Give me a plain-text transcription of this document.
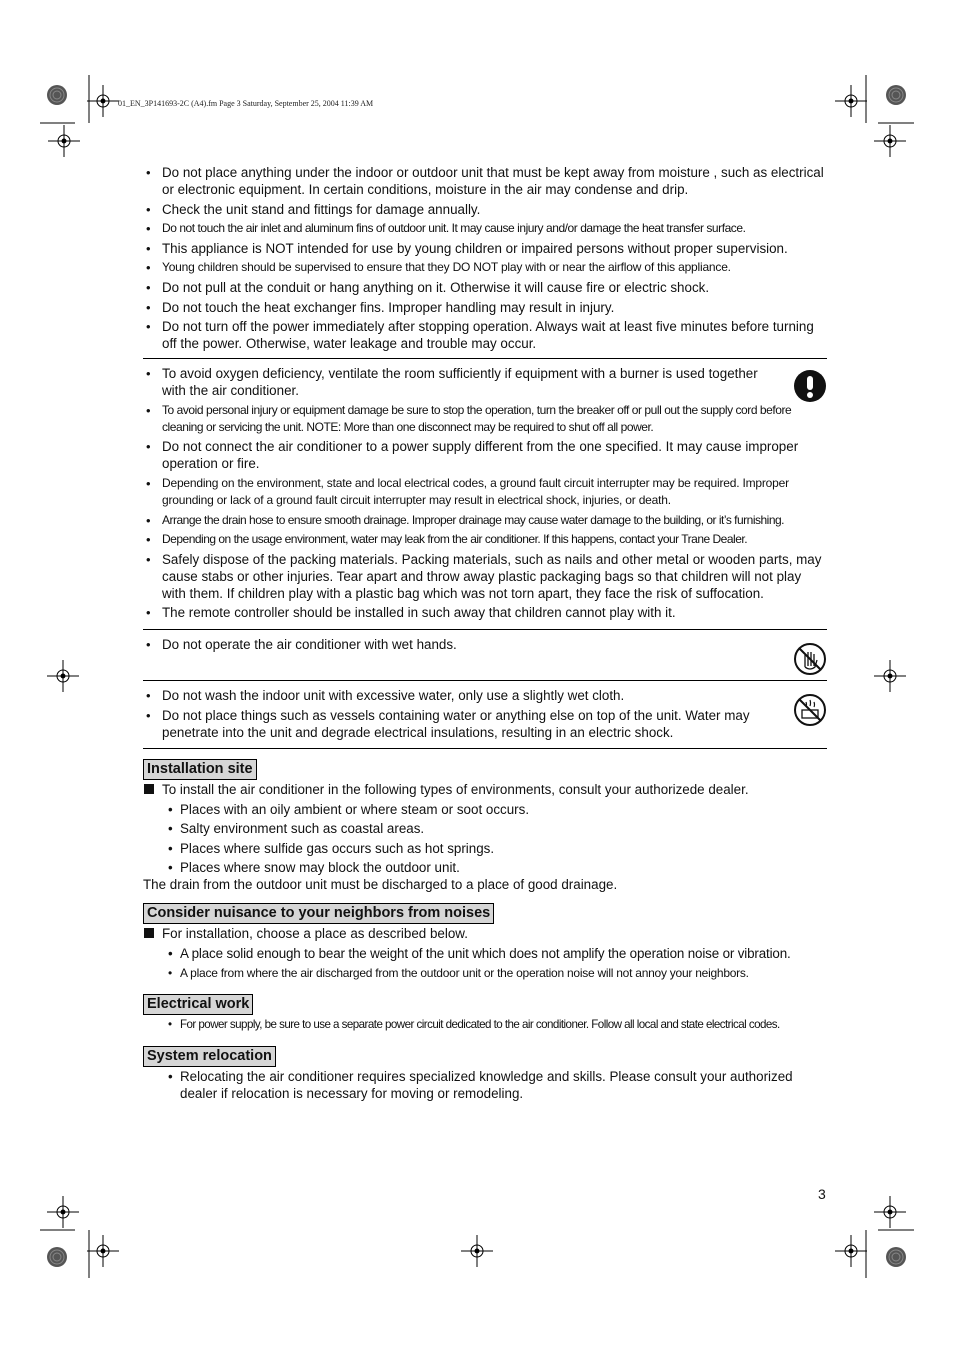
01_EN_3P141693-2C (A4).fm Page 3 Saturday, September 25, 2004 11:39 AM
• Do not place anything under the indoor or outdoor unit that must be kept away from moisture , such as electrical or electronic equipment. In certain conditions, moisture in the air may condense and drip.
• Check the unit stand and fittings for damage annually.
• Do not touch the air inlet and aluminum fins of outdoor unit. It may cause injury and/or damage the heat transfer surface.
• This appliance is NOT intended for use by young children or impaired persons without proper supervision.
• Young children should be supervised to ensure that they DO NOT play with or near the airflow of this appliance.
• Do not pull at the conduit or hang anything on it. Otherwise it will cause fire or electric shock.
• Do not touch the heat exchanger fins. Improper handling may result in injury.
• Do not turn off the power immediately after stopping operation. Always wait at least five minutes before turning off the power. Otherwise, water leakage and trouble may occur.
• To avoid oxygen deficiency, ventilate the room sufficiently if equipment with a burner is used together with the air conditioner.
• To avoid personal injury or equipment damage be sure to stop the operation, turn the breaker off or pull out the supply cord before cleaning or servicing the unit. NOTE: More than one disconnect may be required to shut off all power.
• Do not connect the air conditioner to a power supply different from the one specified. It may cause improper operation or fire.
• Depending on the environment, state and local electrical codes, a ground fault circuit interrupter may be required. Improper grounding or lack of a ground fault circuit interrupter may result in electrical shock, injuries, or death.
• Arrange the drain hose to ensure smooth drainage. Improper drainage may cause water damage to the building, or it’s furnishing.
• Depending on the usage environment, water may leak from the air conditioner. If this happens, contact your Trane Dealer.
• Safely dispose of the packing materials. Packing materials, such as nails and other metal or wooden parts, may cause stabs or other injuries. Tear apart and throw away plastic packaging bags so that children will not play with them. If children play with a plastic bag which was not torn apart, they face the risk of suffocation.
• The remote controller should be installed in such away that children cannot play with it.
• Do not operate the air conditioner with wet hands.
• Do not wash the indoor unit with excessive water, only use a slightly wet cloth.
• Do not place things such as vessels containing water or anything else on top of the unit. Water may penetrate into the unit and degrade electrical insulations, resulting in an electric shock.
Installation site
To install the air conditioner in the following types of environments, consult your authorizede dealer.
• Places with an oily ambient or where steam or soot occurs.
• Salty environment such as coastal areas.
• Places where sulfide gas occurs such as hot springs.
• Places where snow may block the outdoor unit.
The drain from the outdoor unit must be discharged to a place of good drainage.
Consider nuisance to your neighbors from noises
For installation, choose a place as described below.
• A place solid enough to bear the weight of the unit which does not amplify the operation noise or vibration.
• A place from where the air discharged from the outdoor unit or the operation noise will not annoy your neighbors.
Electrical work
• For power supply, be sure to use a separate power circuit dedicated to the air conditioner. Follow all local and state electrical codes.
System relocation
• Relocating the air conditioner requires specialized knowledge and skills. Please consult your authorized dealer if relocation is necessary for moving or remodeling.
3
